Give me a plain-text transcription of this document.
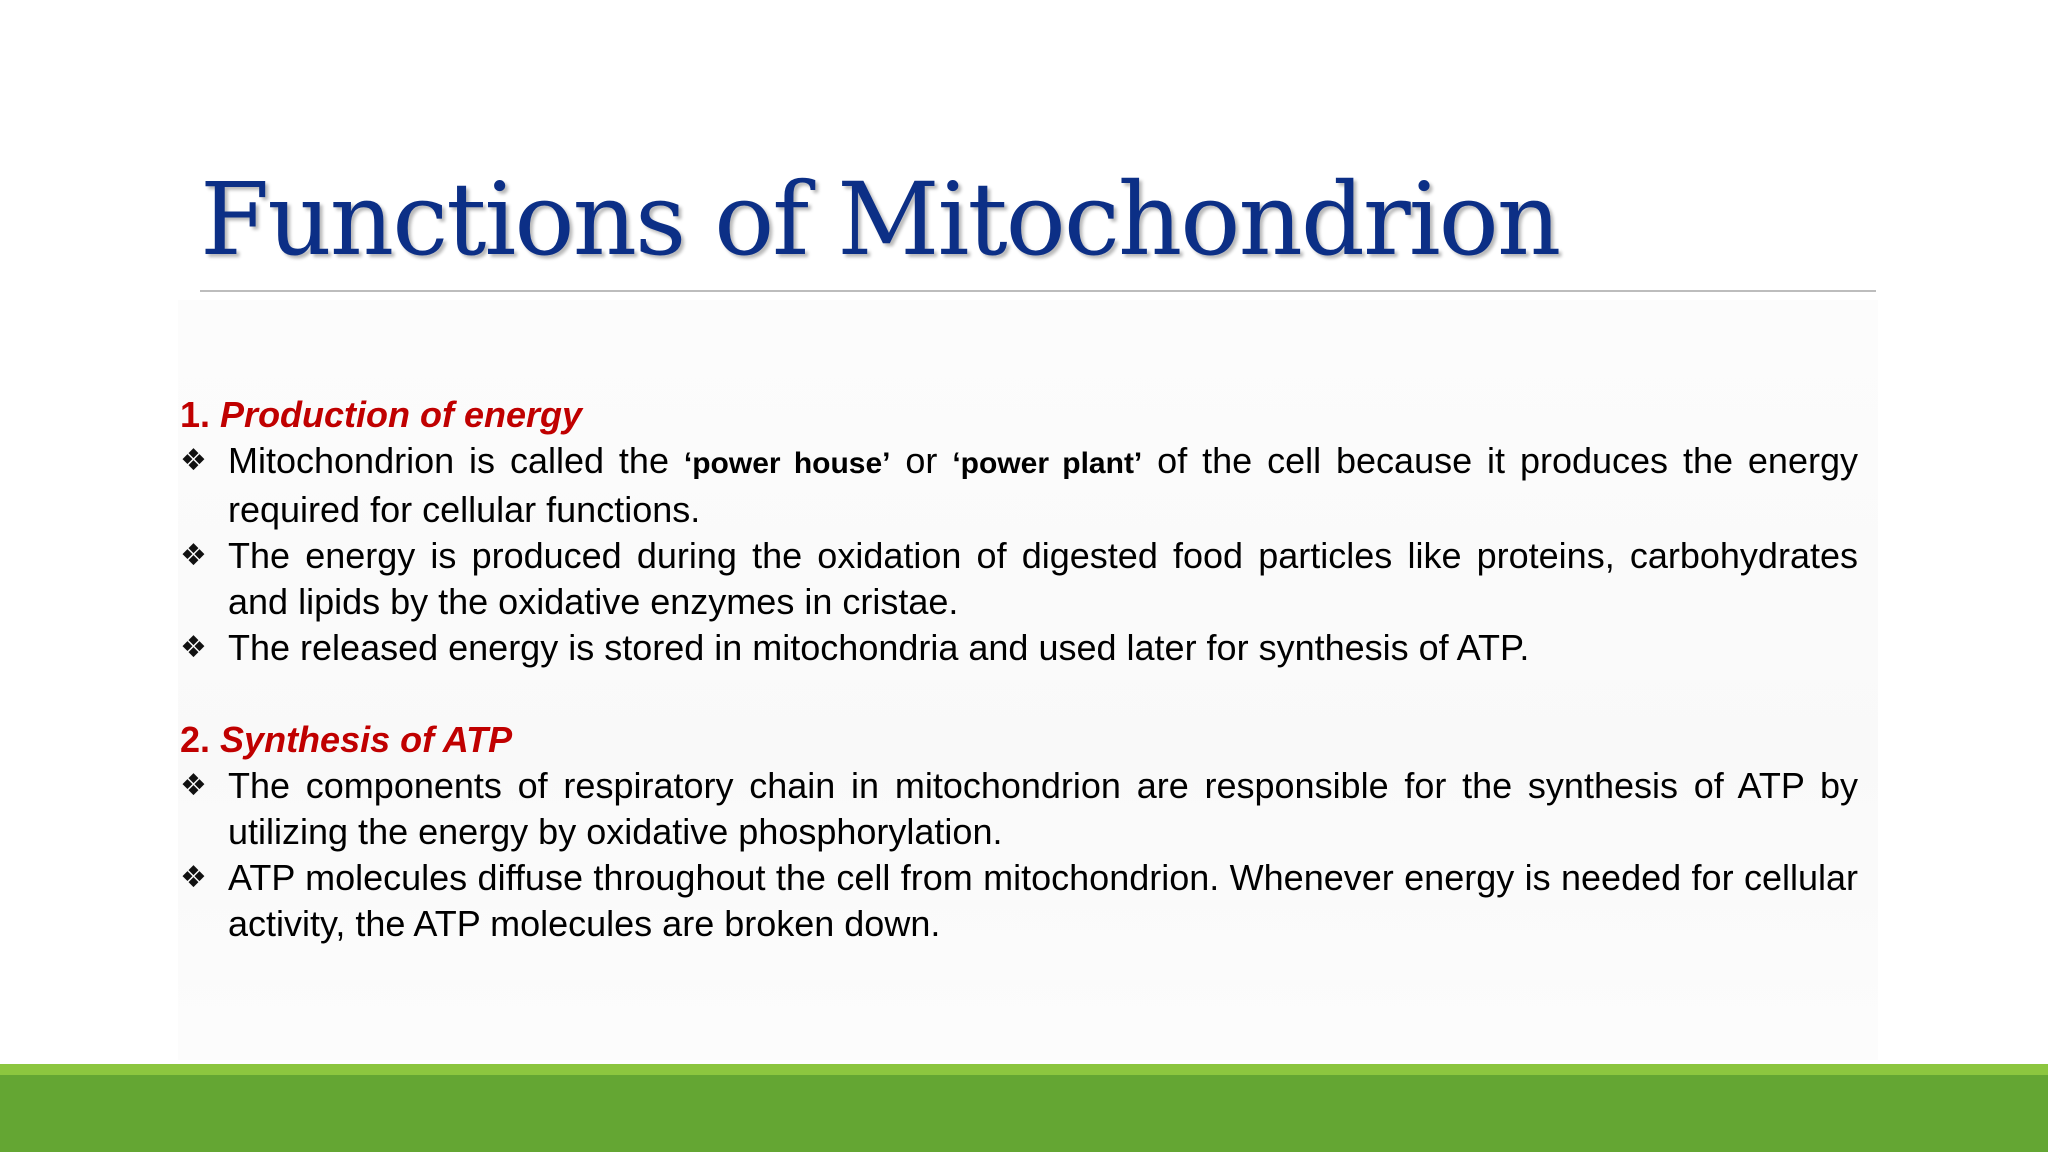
Functions of Mitochondrion

1. Production of energy

❖ Mitochondrion is called the ‘power house’ or ‘power plant’ of the cell because it produces the energy required for cellular functions.
❖ The energy is produced during the oxidation of digested food particles like proteins, carbohydrates and lipids by the oxidative enzymes in cristae.
❖ The released energy is stored in mitochondria and used later for synthesis of ATP.

2. Synthesis of ATP

❖ The components of respiratory chain in mitochondrion are responsible for the synthesis of ATP by utilizing the energy by oxidative phosphorylation.
❖ ATP molecules diffuse throughout the cell from mitochondrion. Whenever energy is needed for cellular activity, the ATP molecules are broken down.
